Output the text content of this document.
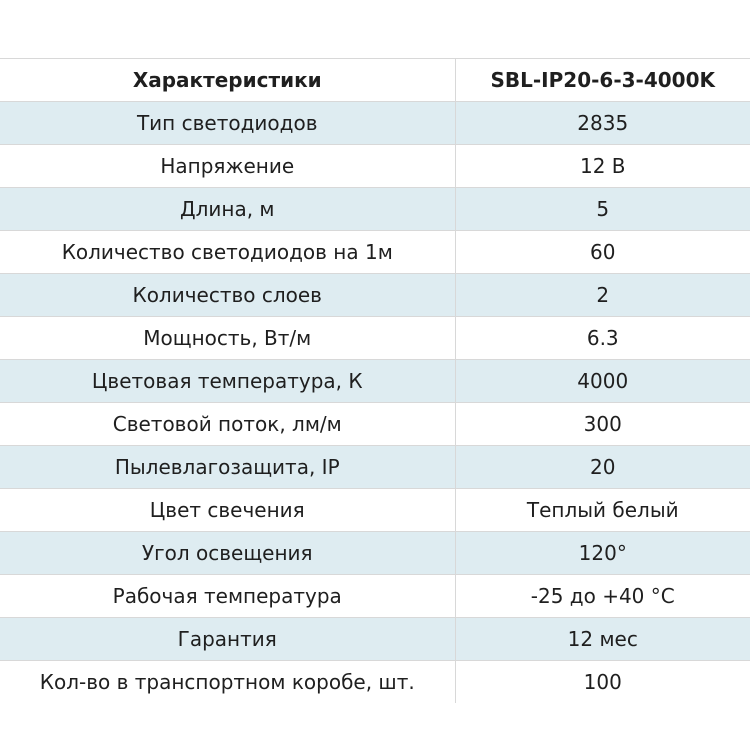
Характеристики	SBL-IP20-6-3-4000K
Тип светодиодов	2835
Напряжение	12 В
Длина, м	5
Количество светодиодов на 1м	60
Количество слоев	2
Мощность, Вт/м	6.3
Цветовая температура, К	4000
Световой поток, лм/м	300
Пылевлагозащита, IP	20
Цвет свечения	Теплый белый
Угол освещения	120°
Рабочая температура	-25 до +40 °C
Гарантия	12 мес
Кол-во в транспортном коробе, шт.	100
